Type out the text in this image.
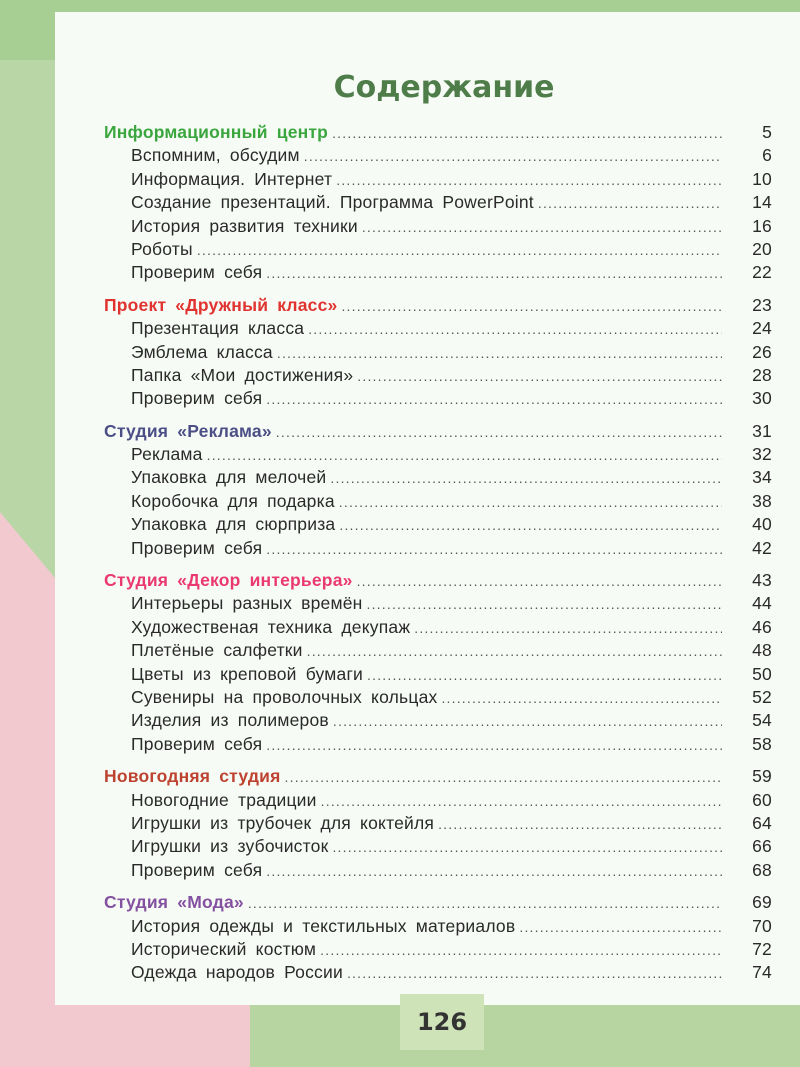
Содержание
Информационный центр .....	5
Вспомним, обсудим .....	6
Информация. Интернет .....	10
Создание презентаций. Программа PowerPoint .....	14
История развития техники .....	16
Роботы .....	20
Проверим себя .....	22
Проект «Дружный класс» .....	23
Презентация класса .....	24
Эмблема класса .....	26
Папка «Мои достижения» .....	28
Проверим себя .....	30
Студия «Реклама» .....	31
Реклама .....	32
Упаковка для мелочей .....	34
Коробочка для подарка .....	38
Упаковка для сюрприза .....	40
Проверим себя .....	42
Студия «Декор интерьера» .....	43
Интерьеры разных времён .....	44
Художественая техника декупаж .....	46
Плетёные салфетки .....	48
Цветы из креповой бумаги .....	50
Сувениры на проволочных кольцах .....	52
Изделия из полимеров .....	54
Проверим себя .....	58
Новогодняя студия .....	59
Новогодние традиции .....	60
Игрушки из трубочек для коктейля .....	64
Игрушки из зубочисток .....	66
Проверим себя .....	68
Студия «Мода» .....	69
История одежды и текстильных материалов .....	70
Исторический костюм .....	72
Одежда народов России .....	74
126
